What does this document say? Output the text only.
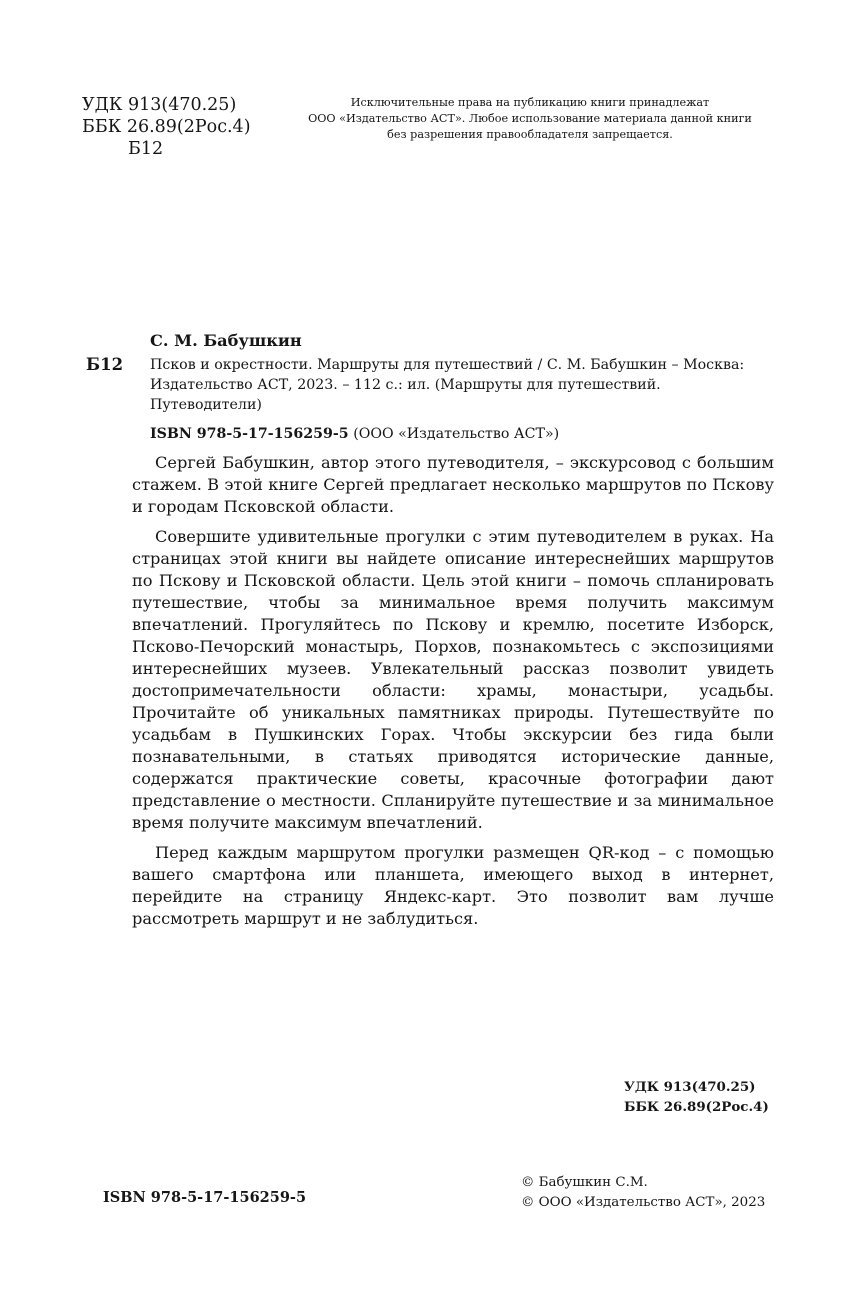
УДК 913(470.25)
ББК 26.89(2Рос.4)
Б12
Исключительные права на публикацию книги принадлежат
ООО «Издательство АСТ». Любое использование материала данной книги
без разрешения правообладателя запрещается.
С. М. Бабушкин
Б12 Псков и окрестности. Маршруты для путешествий / С. М. Бабушкин – Москва: Издательство АСТ, 2023. – 112 с.: ил. (Маршруты для путешествий. Путеводители)
ISBN 978-5-17-156259-5 (ООО «Издательство АСТ»)

Сергей Бабушкин, автор этого путеводителя, – экскурсовод с большим стажем. В этой книге Сергей предлагает несколько маршрутов по Пскову и городам Псковской области.

Совершите удивительные прогулки с этим путеводителем в руках. На страницах этой книги вы найдете описание интереснейших маршрутов по Пскову и Псковской области. Цель этой книги – помочь спланировать путешествие, чтобы за минимальное время получить максимум впечатлений. Прогуляйтесь по Пскову и кремлю, посетите Изборск, Псково-Печорский монастырь, Порхов, познакомьтесь с экспозициями интереснейших музеев. Увлекательный рассказ позволит увидеть достопримечательности области: храмы, монастыри, усадьбы. Прочитайте об уникальных памятниках природы. Путешествуйте по усадьбам в Пушкинских Горах. Чтобы экскурсии без гида были познавательными, в статьях приводятся исторические данные, содержатся практические советы, красочные фотографии дают представление о местности. Спланируйте путешествие и за минимальное время получите максимум впечатлений.

Перед каждым маршрутом прогулки размещен QR-код – с помощью вашего смартфона или планшета, имеющего выход в интернет, перейдите на страницу Яндекс-карт. Это позволит вам лучше рассмотреть маршрут и не заблудиться.

УДК 913(470.25)
ББК 26.89(2Рос.4)
ISBN 978-5-17-156259-5
© Бабушкин С.М.
© ООО «Издательство АСТ», 2023
